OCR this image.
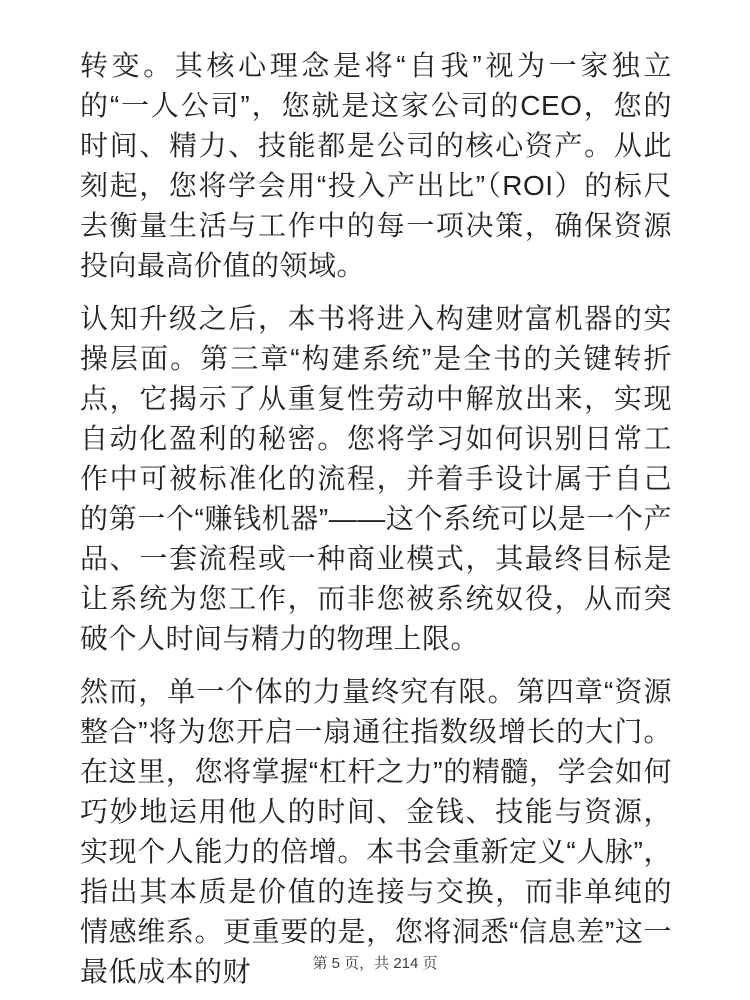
转变。其核心理念是将“自我”视为一家独立的“一人公司”，您就是这家公司的CEO，您的时间、精力、技能都是公司的核心资产。从此刻起，您将学会用“投入产出比”（ROI）的标尺去衡量生活与工作中的每一项决策，确保资源投向最高价值的领域。

认知升级之后，本书将进入构建财富机器的实操层面。第三章“构建系统”是全书的关键转折点，它揭示了从重复性劳动中解放出来，实现自动化盈利的秘密。您将学习如何识别日常工作中可被标准化的流程，并着手设计属于自己的第一个“赚钱机器”——这个系统可以是一个产品、一套流程或一种商业模式，其最终目标是让系统为您工作，而非您被系统奴役，从而突破个人时间与精力的物理上限。

然而，单一个体的力量终究有限。第四章“资源整合”将为您开启一扇通往指数级增长的大门。在这里，您将掌握“杠杆之力”的精髓，学会如何巧妙地运用他人的时间、金钱、技能与资源，实现个人能力的倍增。本书会重新定义“人脉”，指出其本质是价值的连接与交换，而非单纯的情感维系。更重要的是，您将洞悉“信息差”这一最低成本的财	第 5 页，共 214 页
